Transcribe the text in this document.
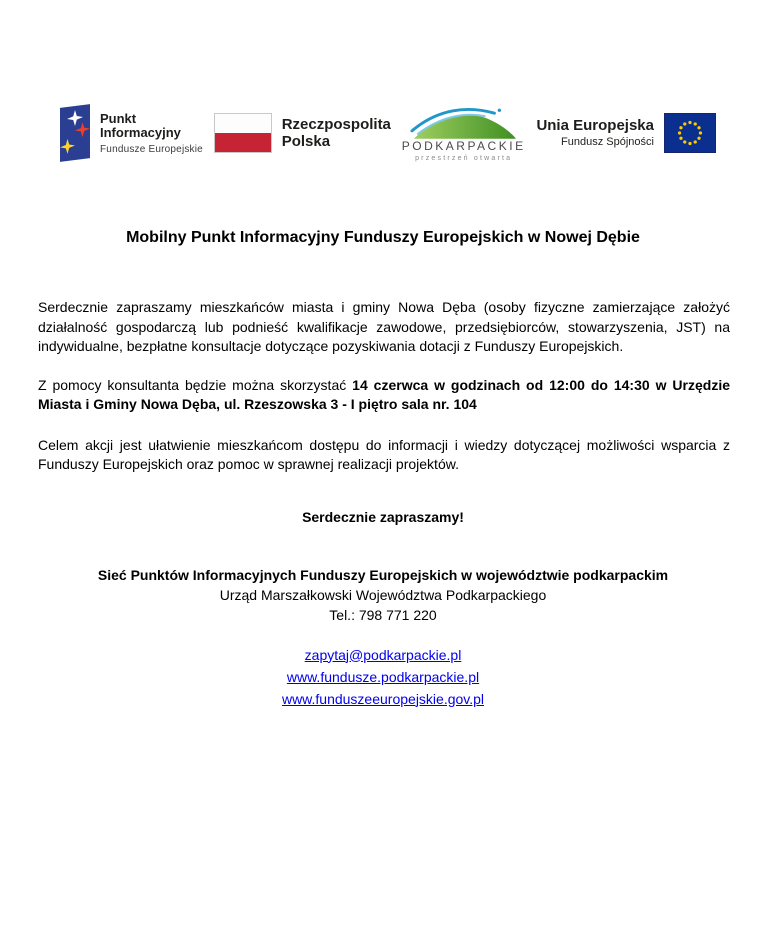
Punkt
Informacyjny
Fundusze Europejskie
Rzeczpospolita
Polska	PODKARPACKIE
przestrzeń otwarta
Unia Europejska
Fundusz Spójności
Mobilny Punkt Informacyjny Funduszy Europejskich w Nowej Dębie

Serdecznie zapraszamy mieszkańców miasta i gminy Nowa Dęba (osoby fizyczne zamierzające założyć działalność gospodarczą lub podnieść kwalifikacje zawodowe, przedsiębiorców, stowarzyszenia, JST) na indywidualne, bezpłatne konsultacje dotyczące pozyskiwania dotacji z Funduszy Europejskich.

Z pomocy konsultanta będzie można skorzystać 14 czerwca w godzinach od 12:00 do 14:30 w Urzędzie Miasta i Gminy Nowa Dęba, ul. Rzeszowska 3 - I piętro sala nr. 104

Celem akcji jest ułatwienie mieszkańcom dostępu do informacji i wiedzy dotyczącej możliwości wsparcia z Funduszy Europejskich oraz pomoc w sprawnej realizacji projektów.

Serdecznie zapraszamy!
Sieć Punktów Informacyjnych Funduszy Europejskich w województwie podkarpackim
Urząd Marszałkowski Województwa Podkarpackiego
Tel.: 798 771 220
zapytaj@podkarpackie.pl
www.fundusze.podkarpackie.pl
www.funduszeeuropejskie.gov.pl
